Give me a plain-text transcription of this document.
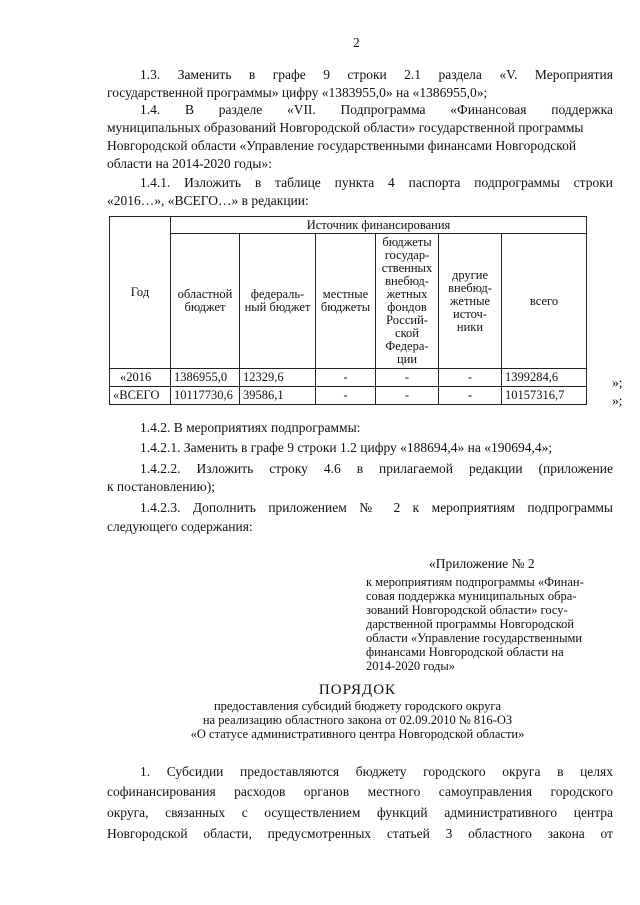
2
1.3. Заменить в графе 9 строки 2.1 раздела «V. Мероприятия
государственной программы» цифру «1383955,0» на «1386955,0»;
1.4. В разделе «VII. Подпрограмма «Финансовая поддержка
муниципальных образований Новгородской области» государственной программы
Новгородской области «Управление государственными финансами Новгородской
области на 2014-2020 годы»:
1.4.1. Изложить в таблице пункта 4 паспорта подпрограммы строки
«2016…», «ВСЕГО…» в редакции:
Год	Источник финансирования					
	областной бюджет	федераль-ный бюджет	местные бюджеты	бюджеты государ-ственных внебюд-жетных фондов Россий-ской Федера-ции	другие внебюд-жетные источ-ники	всего
«2016	1386955,0	12329,6	-	-	-	1399284,6
«ВСЕГО	10117730,6	39586,1	-	-	-	10157316,7
»;
»;
1.4.2. В мероприятиях подпрограммы:
1.4.2.1. Заменить в графе 9 строки 1.2 цифру «188694,4» на «190694,4»;
1.4.2.2. Изложить строку 4.6 в прилагаемой редакции (приложение
к постановлению);
1.4.2.3. Дополнить приложением № 2 к мероприятиям подпрограммы
следующего содержания:
«Приложение № 2
к мероприятиям подпрограммы «Финан-
совая поддержка муниципальных обра-
зований Новгородской области» госу-
дарственной программы Новгородской
области «Управление государственными
финансами Новгородской области на
2014-2020 годы»
ПОРЯДОК
предоставления субсидий бюджету городского округа
на реализацию областного закона от 02.09.2010 № 816-ОЗ
«О статусе административного центра Новгородской области»
1. Субсидии предоставляются бюджету городского округа в целях
софинансирования расходов органов местного самоуправления городского
округа, связанных с осуществлением функций административного центра
Новгородской области, предусмотренных статьей 3 областного закона от
